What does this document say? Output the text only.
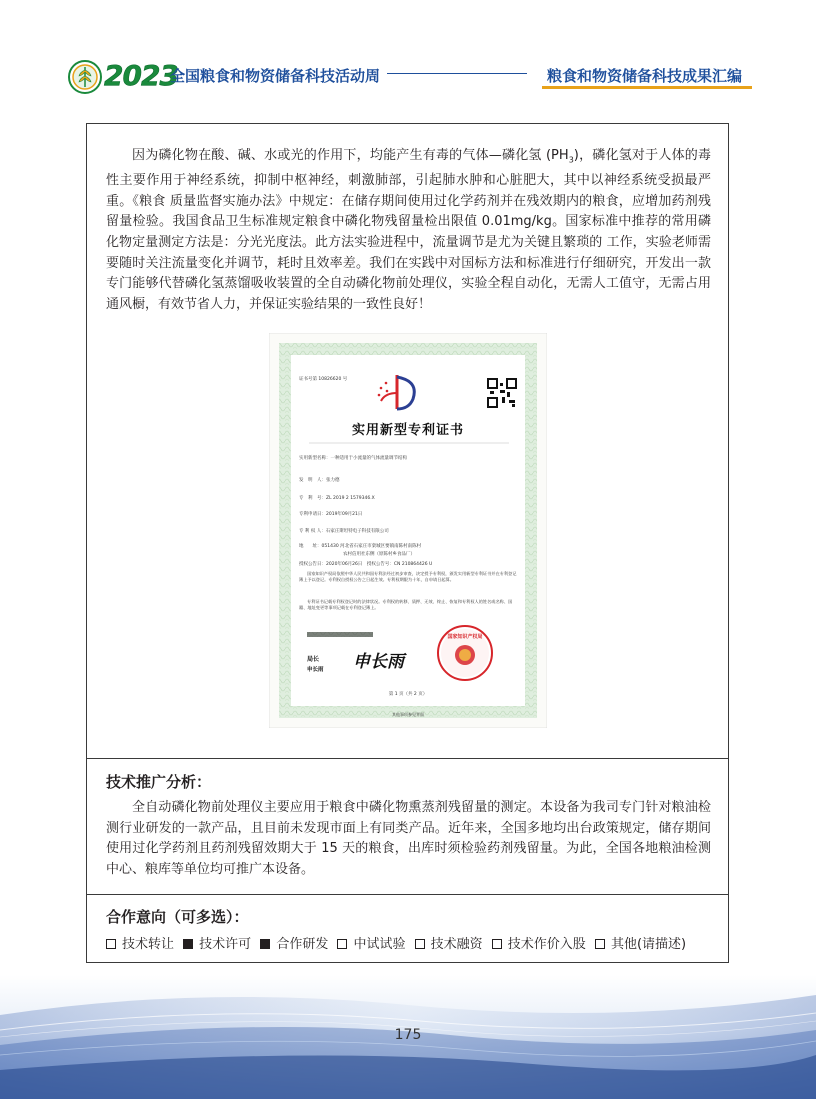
2023
全国粮食和物资储备科技活动周	粮食和物资储备科技成果汇编

因为磷化物在酸、碱、水或光的作用下，均能产生有毒的气体—磷化氢 $(PH_3)$，磷化氢对于人体的毒性主要作用于神经系统，抑制中枢神经，刺激肺部，引起肺水肿和心脏肥大，其中以神经系统受损最严重。《粮食 质量监督实施办法》中规定：在储存期间使用过化学药剂并在残效期内的粮食，应增加药剂残留量检验。我国食品卫生标准规定粮食中磷化物残留量检出限值 0.01mg/kg。国家标准中推荐的常用磷化物定量测定方法是：分光光度法。此方法实验进程中，流量调节是尤为关键且繁琐的 工作，实验老师需要随时关注流量变化并调节，耗时且效率差。我们在实践中对国标方法和标准进行仔细研究，开发出一款专门能够代替磷化氢蒸馏吸收装置的全自动磷化物前处理仪，实验全程自动化，无需人工值守，无需占用通风橱，有效节省人力，并保证实验结果的一致性良好！

证书号第 10826620 号
实用新型专利证书
实用新型名称：一种适用于小流量的气体流量调节结构
发　明　人：张力德
专　利　号：ZL 2019 2 1579346.X
专利申请日：2019年09月21日
专 利 权 人：石家庄斯坦特电子科技有限公司
地　　址：051430 河北省石家庄市栾城区要镇南陈村南陈村
农村信用社东侧（原陈村乡食品厂）
授权公告日：2020年06月26日　授权公告号：CN 210864426 U
国家知识产权局依照中华人民共和国专利法经过初步审查，决定授予专利权，颁发实用新型专利证书并在专利登记簿上予以登记。专利权自授权公告之日起生效。专利权期限为十年，自申请日起算。
专利证书记载专利权登记时的法律状况。专利权的转移、质押、无效、终止、恢复和专利权人的姓名或名称、国籍、地址变更等事项记载在专利登记簿上。
局长
申长雨 申长雨
国家知识产权局
第 1 页（共 2 页）
其他事项参见背面
技术推广分析：

全自动磷化物前处理仪主要应用于粮食中磷化物熏蒸剂残留量的测定。本设备为我司专门针对粮油检测行业研发的一款产品，且目前未发现市面上有同类产品。近年来，全国多地均出台政策规定，储存期间使用过化学药剂且药剂残留效期大于 15 天的粮食，出库时须检验药剂残留量。为此，全国各地粮油检测中心、粮库等单位均可推广本设备。

合作意向（可多选）：
技术转让 技术许可 合作研发 中试试验 技术融资 技术作价入股 其他(请描述)
175
